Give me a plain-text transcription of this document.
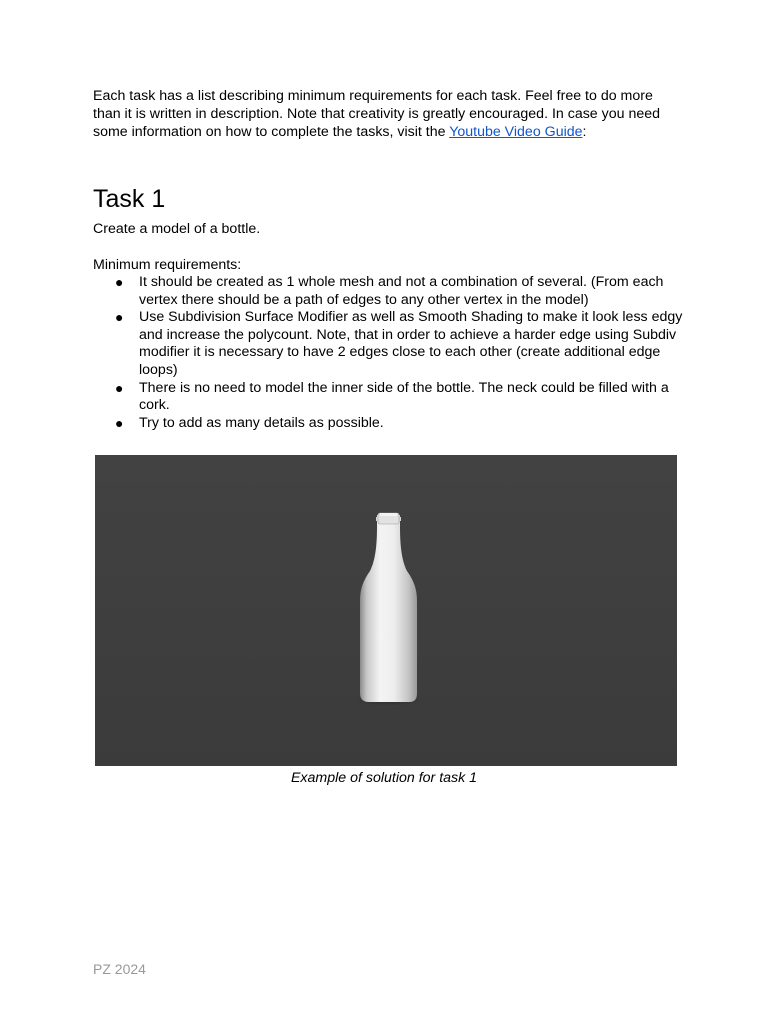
Each task has a list describing minimum requirements for each task. Feel free to do more than it is written in description. Note that creativity is greatly encouraged. In case you need some information on how to complete the tasks, visit the Youtube Video Guide:

Task 1

Create a model of a bottle.

Minimum requirements:

● It should be created as 1 whole mesh and not a combination of several. (From each vertex there should be a path of edges to any other vertex in the model)
● Use Subdivision Surface Modifier as well as Smooth Shading to make it look less edgy and increase the polycount. Note, that in order to achieve a harder edge using Subdiv modifier it is necessary to have 2 edges close to each other (create additional edge loops)
● There is no need to model the inner side of the bottle. The neck could be filled with a cork.
● Try to add as many details as possible.
Example of solution for task 1
PZ 2024
